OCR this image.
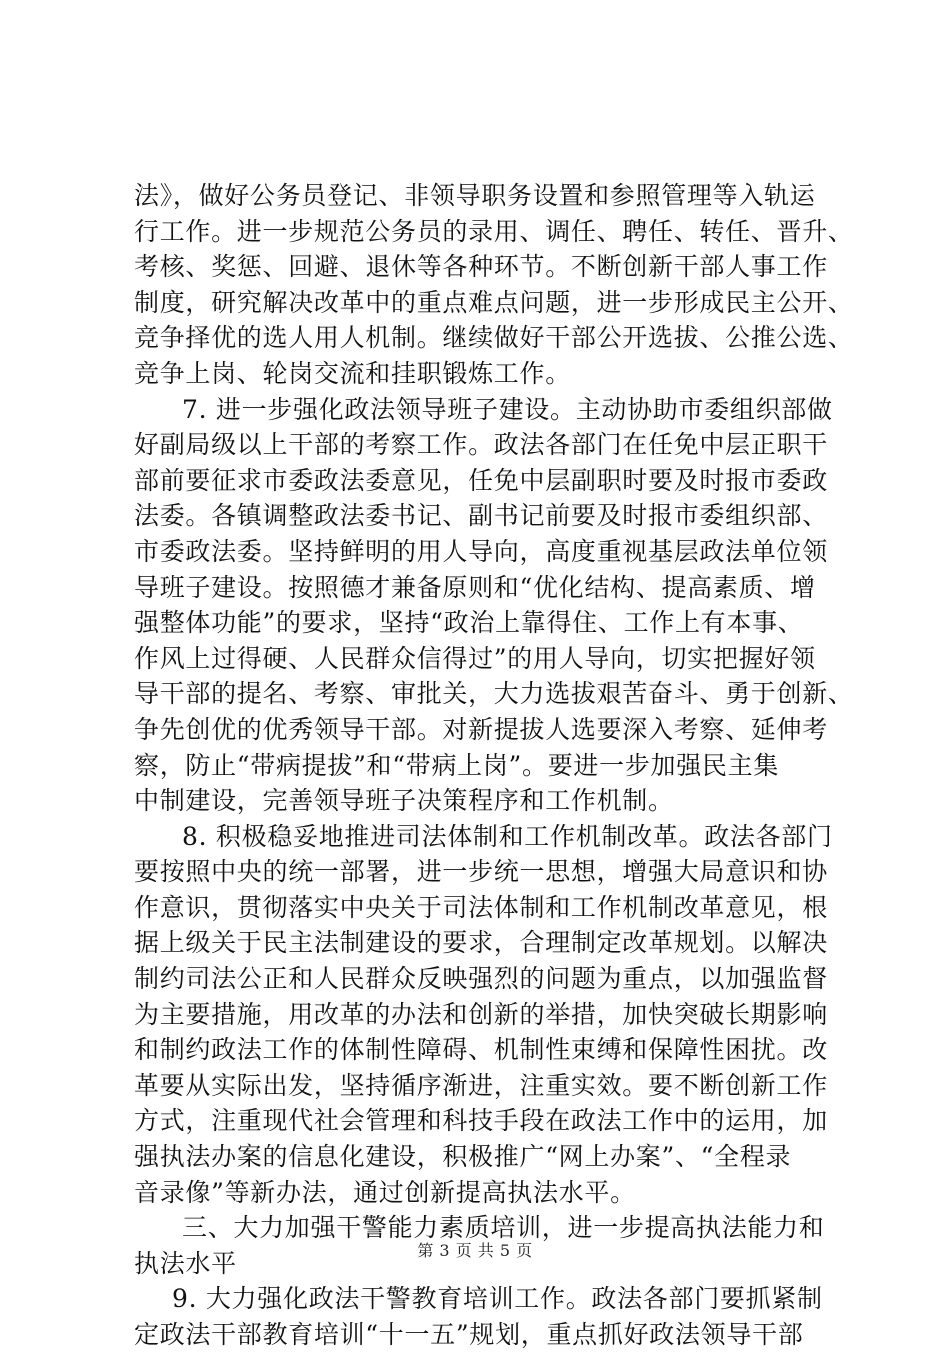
法》，做好公务员登记、非领导职务设置和参照管理等入轨运
行工作。进一步规范公务员的录用、调任、聘任、转任、晋升、
考核、奖惩、回避、退休等各种环节。不断创新干部人事工作
制度，研究解决改革中的重点难点问题，进一步形成民主公开、
竞争择优的选人用人机制。继续做好干部公开选拔、公推公选、
竞争上岗、轮岗交流和挂职锻炼工作。
7. 进一步强化政法领导班子建设。主动协助市委组织部做
好副局级以上干部的考察工作。政法各部门在任免中层正职干
部前要征求市委政法委意见，任免中层副职时要及时报市委政
法委。各镇调整政法委书记、副书记前要及时报市委组织部、
市委政法委。坚持鲜明的用人导向，高度重视基层政法单位领
导班子建设。按照德才兼备原则和“优化结构、提高素质、增
强整体功能”的要求，坚持“政治上靠得住、工作上有本事、
作风上过得硬、人民群众信得过”的用人导向，切实把握好领
导干部的提名、考察、审批关，大力选拔艰苦奋斗、勇于创新、
争先创优的优秀领导干部。对新提拔人选要深入考察、延伸考
察，防止“带病提拔”和“带病上岗”。要进一步加强民主集
中制建设，完善领导班子决策程序和工作机制。
8. 积极稳妥地推进司法体制和工作机制改革。政法各部门
要按照中央的统一部署，进一步统一思想，增强大局意识和协
作意识，贯彻落实中央关于司法体制和工作机制改革意见，根
据上级关于民主法制建设的要求，合理制定改革规划。以解决
制约司法公正和人民群众反映强烈的问题为重点，以加强监督
为主要措施，用改革的办法和创新的举措，加快突破长期影响
和制约政法工作的体制性障碍、机制性束缚和保障性困扰。改
革要从实际出发，坚持循序渐进，注重实效。要不断创新工作
方式，注重现代社会管理和科技手段在政法工作中的运用，加
强执法办案的信息化建设，积极推广“网上办案”、“全程录
音录像”等新办法，通过创新提高执法水平。
三、大力加强干警能力素质培训，进一步提高执法能力和
执法水平
9. 大力强化政法干警教育培训工作。政法各部门要抓紧制
定政法干部教育培训“十一五”规划，重点抓好政法领导干部
第 3 页 共 5 页
